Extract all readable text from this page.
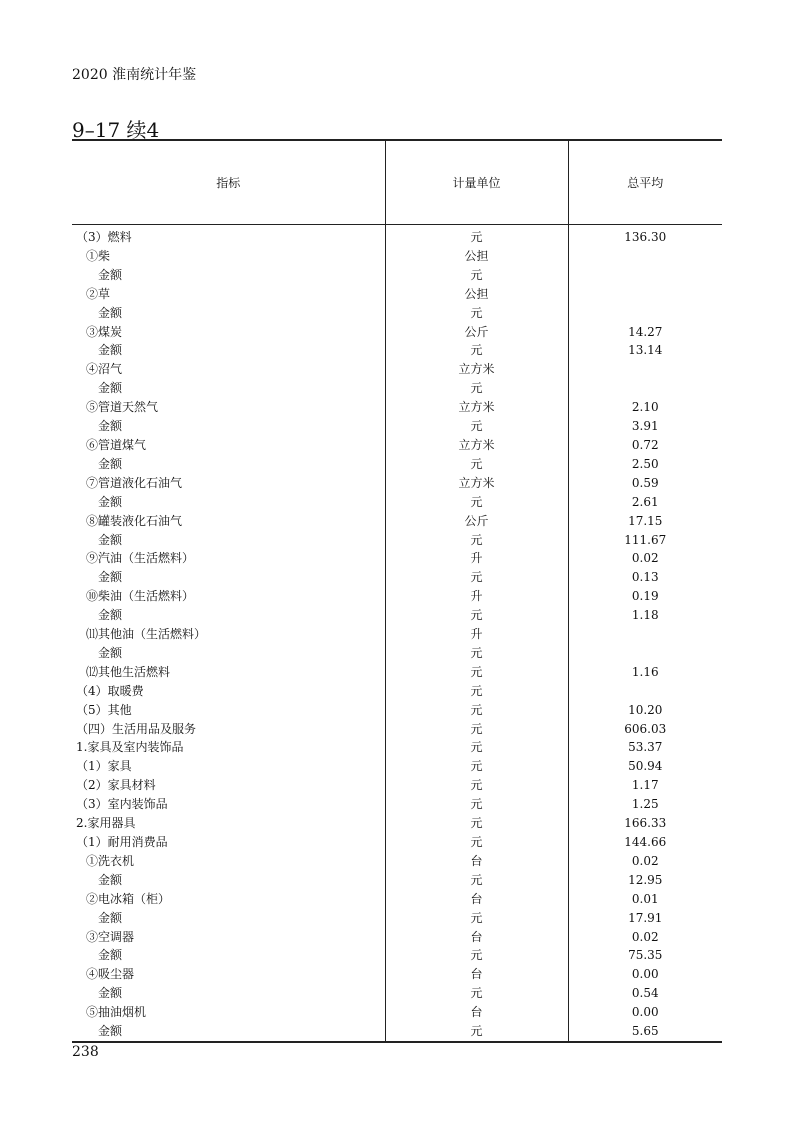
2020 淮南统计年鉴
9–17 续4
指标	计量单位	总平均
（3）燃料	元	136.30
①柴	公担	
金额	元	
②草	公担	
金额	元	
③煤炭	公斤	14.27
金额	元	13.14
④沼气	立方米	
金额	元	
⑤管道天然气	立方米	2.10
金额	元	3.91
⑥管道煤气	立方米	0.72
金额	元	2.50
⑦管道液化石油气	立方米	0.59
金额	元	2.61
⑧罐装液化石油气	公斤	17.15
金额	元	111.67
⑨汽油（生活燃料）	升	0.02
金额	元	0.13
⑩柴油（生活燃料）	升	0.19
金额	元	1.18
⑾其他油（生活燃料）	升	
金额	元	
⑿其他生活燃料	元	1.16
（4）取暖费	元	
（5）其他	元	10.20
（四）生活用品及服务	元	606.03
1.家具及室内装饰品	元	53.37
（1）家具	元	50.94
（2）家具材料	元	1.17
（3）室内装饰品	元	1.25
2.家用器具	元	166.33
（1）耐用消费品	元	144.66
①洗衣机	台	0.02
金额	元	12.95
②电冰箱（柜）	台	0.01
金额	元	17.91
③空调器	台	0.02
金额	元	75.35
④吸尘器	台	0.00
金额	元	0.54
⑤抽油烟机	台	0.00
金额	元	5.65
238
